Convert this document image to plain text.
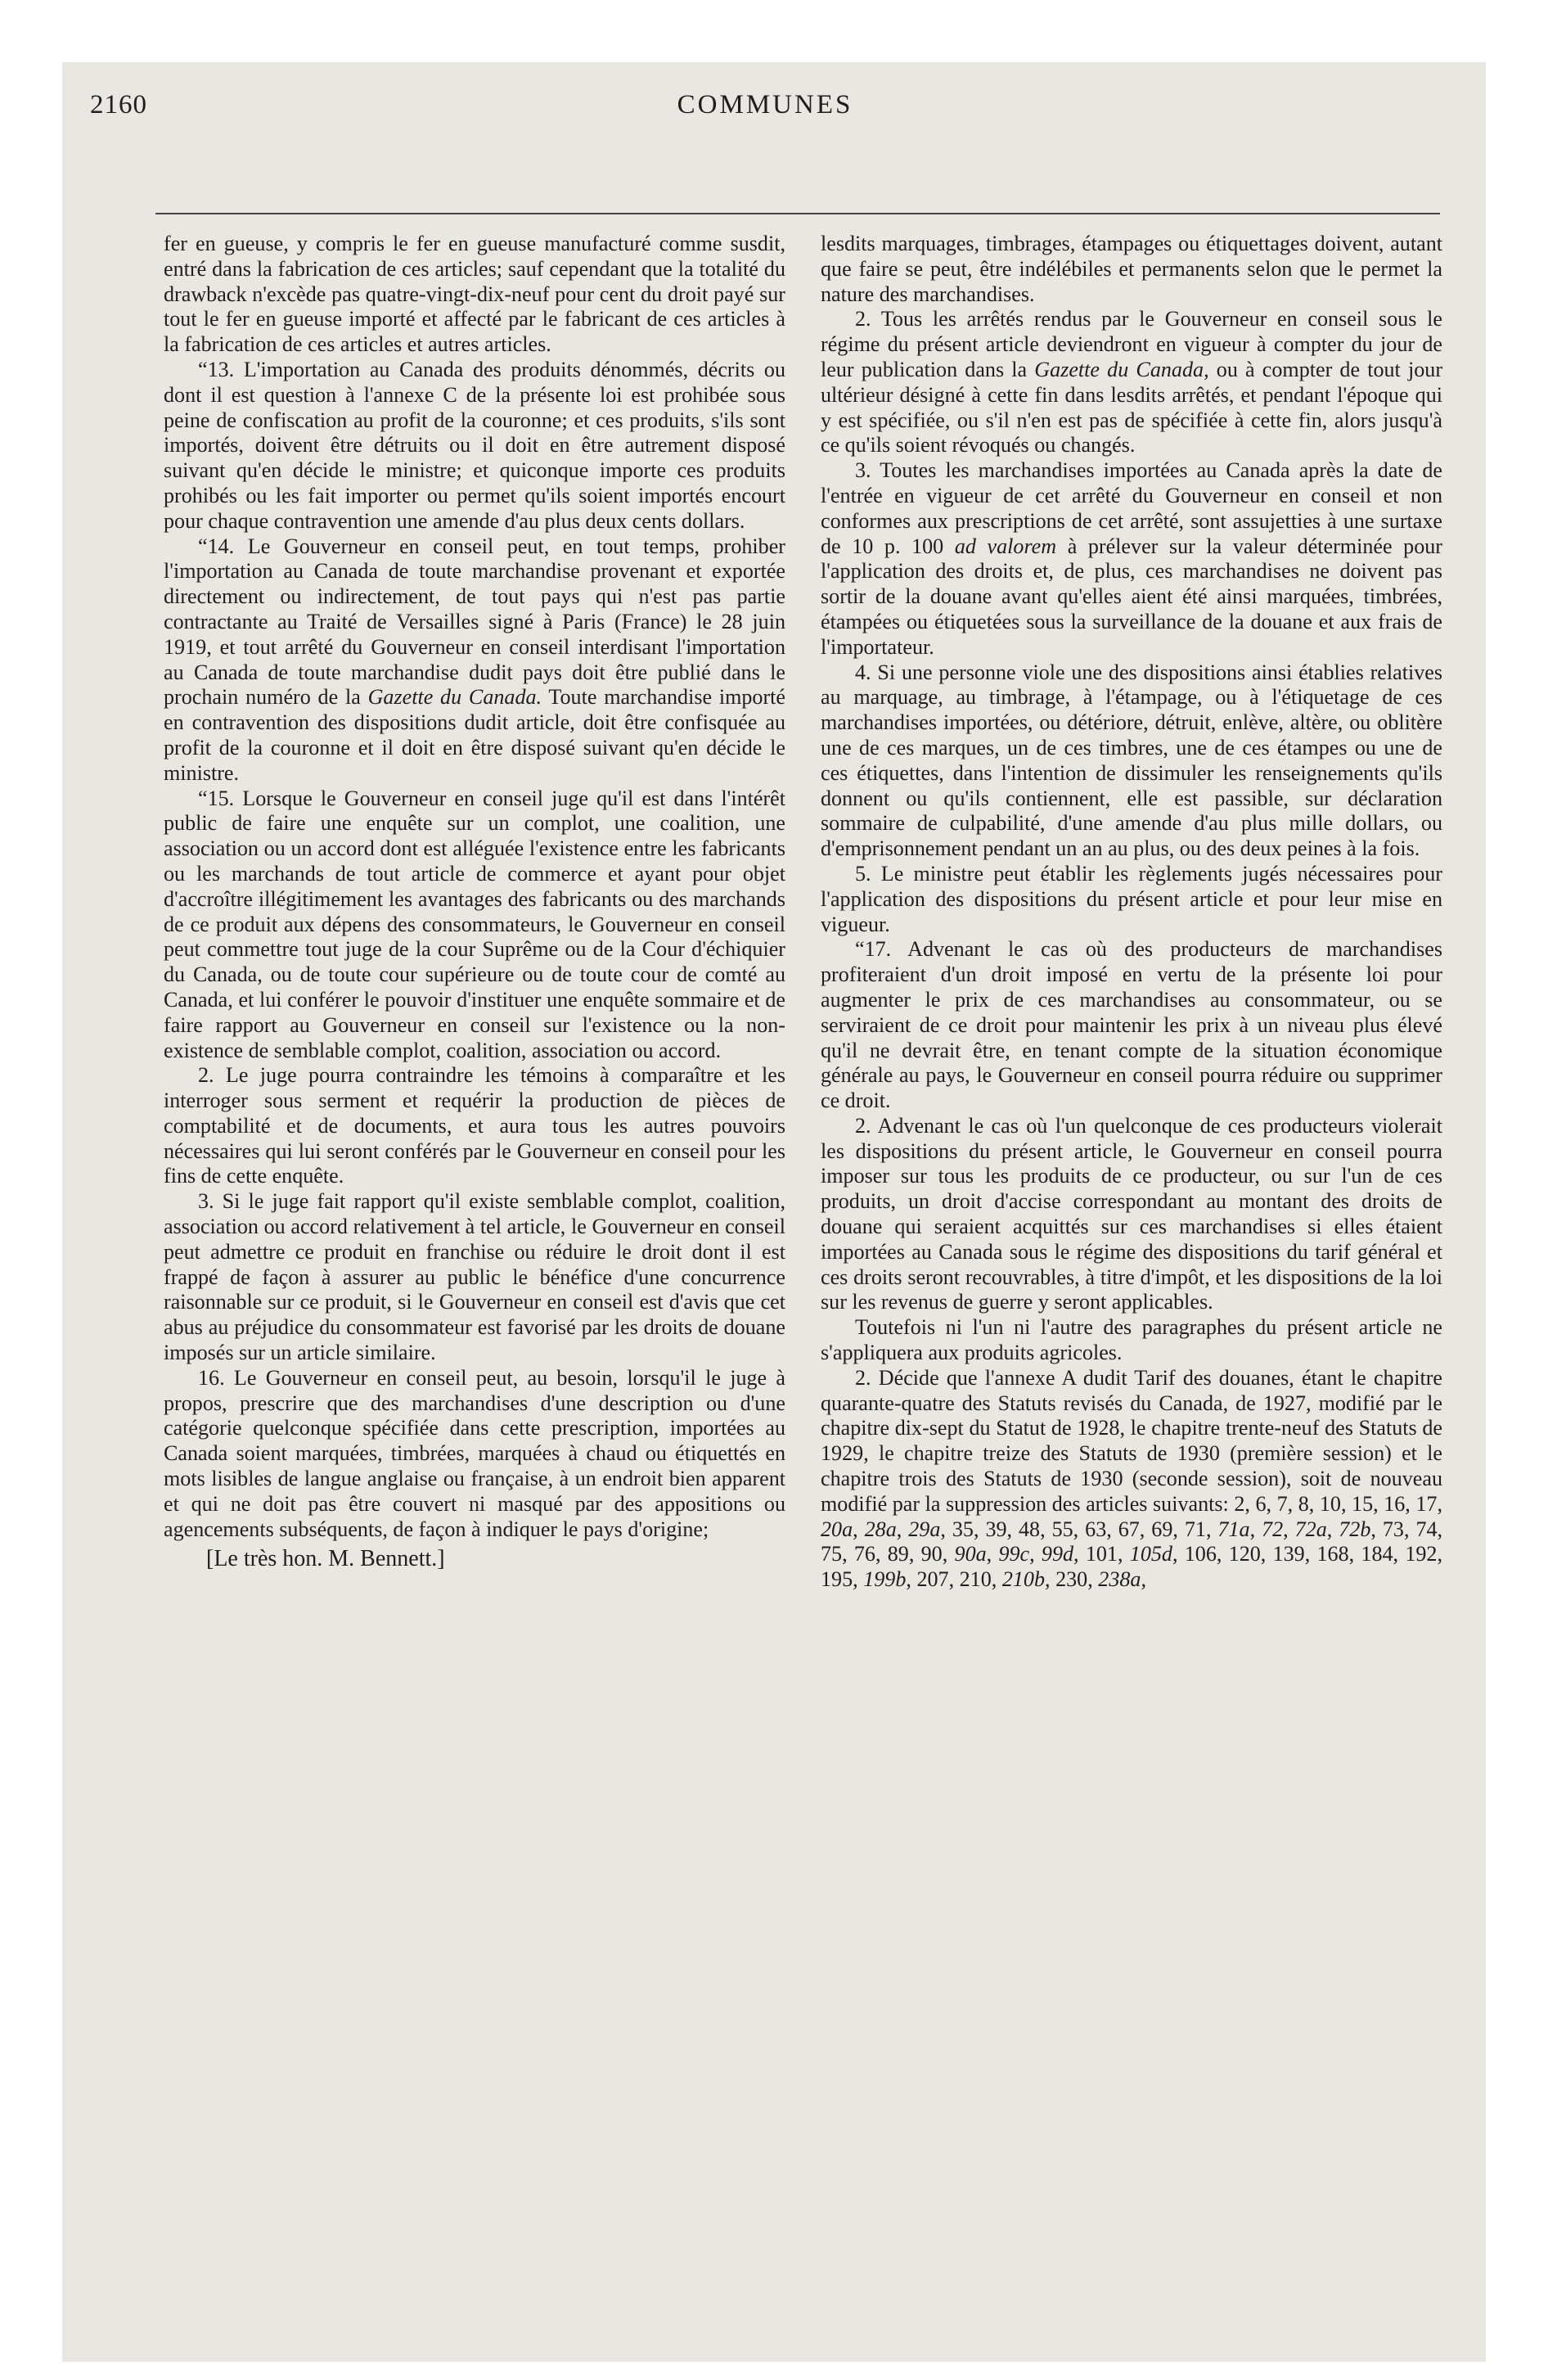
2160	COMMUNES

fer en gueuse, y compris le fer en gueuse manufacturé comme susdit, entré dans la fabrication de ces articles; sauf cependant que la totalité du drawback n'excède pas quatre-vingt-dix-neuf pour cent du droit payé sur tout le fer en gueuse importé et affecté par le fabricant de ces articles à la fabrication de ces articles et autres articles.

“13. L'importation au Canada des produits dénommés, décrits ou dont il est question à l'annexe C de la présente loi est prohibée sous peine de confiscation au profit de la couronne; et ces produits, s'ils sont importés, doivent être détruits ou il doit en être autrement disposé suivant qu'en décide le ministre; et quiconque importe ces produits prohibés ou les fait importer ou permet qu'ils soient importés encourt pour chaque contravention une amende d'au plus deux cents dollars.

“14. Le Gouverneur en conseil peut, en tout temps, prohiber l'importation au Canada de toute marchandise provenant et exportée directement ou indirectement, de tout pays qui n'est pas partie contractante au Traité de Versailles signé à Paris (France) le 28 juin 1919, et tout arrêté du Gouverneur en conseil interdisant l'importation au Canada de toute marchandise dudit pays doit être publié dans le prochain numéro de la Gazette du Canada. Toute marchandise importé en contravention des dispositions dudit article, doit être confisquée au profit de la couronne et il doit en être disposé suivant qu'en décide le ministre.

“15. Lorsque le Gouverneur en conseil juge qu'il est dans l'intérêt public de faire une enquête sur un complot, une coalition, une association ou un accord dont est alléguée l'existence entre les fabricants ou les marchands de tout article de commerce et ayant pour objet d'accroître illégitimement les avantages des fabricants ou des marchands de ce produit aux dépens des consommateurs, le Gouverneur en conseil peut commettre tout juge de la cour Suprême ou de la Cour d'échiquier du Canada, ou de toute cour supérieure ou de toute cour de comté au Canada, et lui conférer le pouvoir d'instituer une enquête sommaire et de faire rapport au Gouverneur en conseil sur l'existence ou la non-existence de semblable complot, coalition, association ou accord.

2. Le juge pourra contraindre les témoins à comparaître et les interroger sous serment et requérir la production de pièces de comptabilité et de documents, et aura tous les autres pouvoirs nécessaires qui lui seront conférés par le Gouverneur en conseil pour les fins de cette enquête.

3. Si le juge fait rapport qu'il existe semblable complot, coalition, association ou accord relativement à tel article, le Gouverneur en conseil peut admettre ce produit en franchise ou réduire le droit dont il est frappé de façon à assurer au public le bénéfice d'une concurrence raisonnable sur ce produit, si le Gouverneur en conseil est d'avis que cet abus au préjudice du consommateur est favorisé par les droits de douane imposés sur un article similaire.

16. Le Gouverneur en conseil peut, au besoin, lorsqu'il le juge à propos, prescrire que des marchandises d'une description ou d'une catégorie quelconque spécifiée dans cette prescription, importées au Canada soient marquées, timbrées, marquées à chaud ou étiquettés en mots lisibles de langue anglaise ou française, à un endroit bien apparent et qui ne doit pas être couvert ni masqué par des appositions ou agencements subséquents, de façon à indiquer le pays d'origine;

[Le très hon. M. Bennett.]

lesdits marquages, timbrages, étampages ou étiquettages doivent, autant que faire se peut, être indélébiles et permanents selon que le permet la nature des marchandises.

2. Tous les arrêtés rendus par le Gouverneur en conseil sous le régime du présent article deviendront en vigueur à compter du jour de leur publication dans la Gazette du Canada, ou à compter de tout jour ultérieur désigné à cette fin dans lesdits arrêtés, et pendant l'époque qui y est spécifiée, ou s'il n'en est pas de spécifiée à cette fin, alors jusqu'à ce qu'ils soient révoqués ou changés.

3. Toutes les marchandises importées au Canada après la date de l'entrée en vigueur de cet arrêté du Gouverneur en conseil et non conformes aux prescriptions de cet arrêté, sont assujetties à une surtaxe de 10 p. 100 ad valorem à prélever sur la valeur déterminée pour l'application des droits et, de plus, ces marchandises ne doivent pas sortir de la douane avant qu'elles aient été ainsi marquées, timbrées, étampées ou étiquetées sous la surveillance de la douane et aux frais de l'importateur.

4. Si une personne viole une des dispositions ainsi établies relatives au marquage, au timbrage, à l'étampage, ou à l'étiquetage de ces marchandises importées, ou détériore, détruit, enlève, altère, ou oblitère une de ces marques, un de ces timbres, une de ces étampes ou une de ces étiquettes, dans l'intention de dissimuler les renseignements qu'ils donnent ou qu'ils contiennent, elle est passible, sur déclaration sommaire de culpabilité, d'une amende d'au plus mille dollars, ou d'emprisonnement pendant un an au plus, ou des deux peines à la fois.

5. Le ministre peut établir les règlements jugés nécessaires pour l'application des dispositions du présent article et pour leur mise en vigueur.

“17. Advenant le cas où des producteurs de marchandises profiteraient d'un droit imposé en vertu de la présente loi pour augmenter le prix de ces marchandises au consommateur, ou se serviraient de ce droit pour maintenir les prix à un niveau plus élevé qu'il ne devrait être, en tenant compte de la situation économique générale au pays, le Gouverneur en conseil pourra réduire ou supprimer ce droit.

2. Advenant le cas où l'un quelconque de ces producteurs violerait les dispositions du présent article, le Gouverneur en conseil pourra imposer sur tous les produits de ce producteur, ou sur l'un de ces produits, un droit d'accise correspondant au montant des droits de douane qui seraient acquittés sur ces marchandises si elles étaient importées au Canada sous le régime des dispositions du tarif général et ces droits seront recouvrables, à titre d'impôt, et les dispositions de la loi sur les revenus de guerre y seront applicables.

Toutefois ni l'un ni l'autre des paragraphes du présent article ne s'appliquera aux produits agricoles.

2. Décide que l'annexe A dudit Tarif des douanes, étant le chapitre quarante-quatre des Statuts revisés du Canada, de 1927, modifié par le chapitre dix-sept du Statut de 1928, le chapitre trente-neuf des Statuts de 1929, le chapitre treize des Statuts de 1930 (première session) et le chapitre trois des Statuts de 1930 (seconde session), soit de nouveau modifié par la suppression des articles suivants: 2, 6, 7, 8, 10, 15, 16, 17, 20a, 28a, 29a, 35, 39, 48, 55, 63, 67, 69, 71, 71a, 72, 72a, 72b, 73, 74, 75, 76, 89, 90, 90a, 99c, 99d, 101, 105d, 106, 120, 139, 168, 184, 192, 195, 199b, 207, 210, 210b, 230, 238a,
